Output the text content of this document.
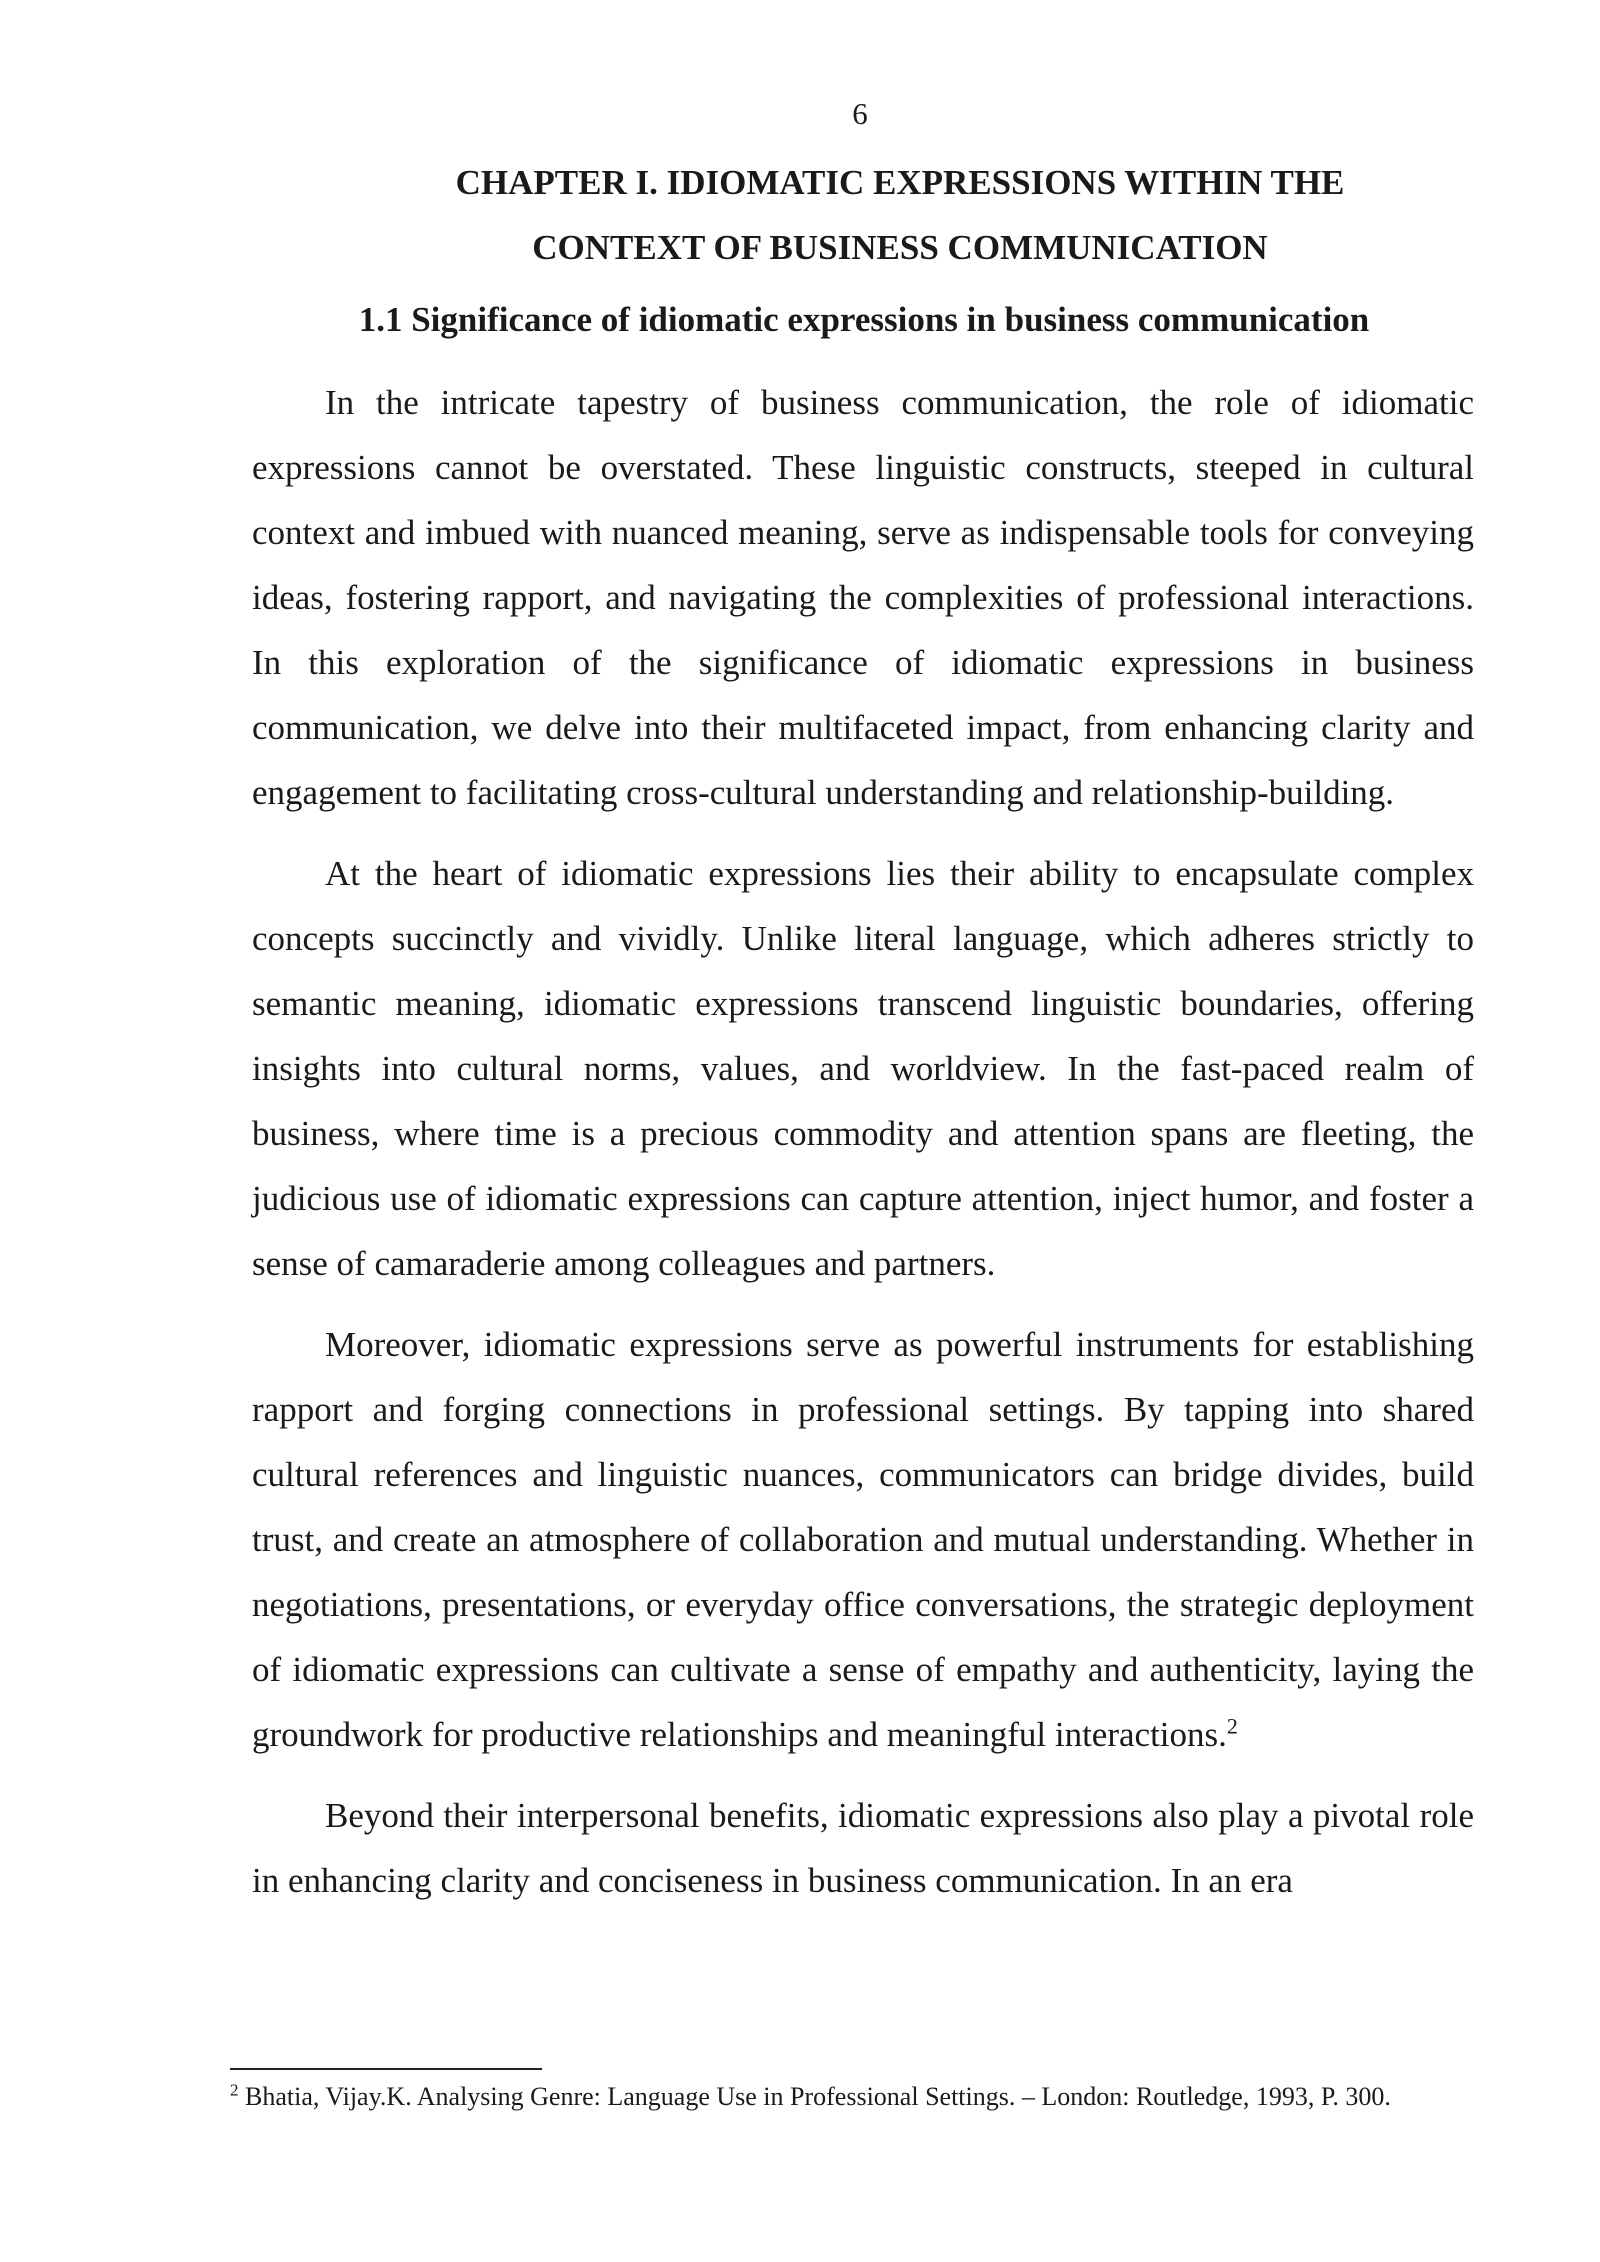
6
CHAPTER I. IDIOMATIC EXPRESSIONS WITHIN THE
CONTEXT OF BUSINESS COMMUNICATION
1.1 Significance of idiomatic expressions in business communication

In the intricate tapestry of business communication, the role of idiomatic expressions cannot be overstated. These linguistic constructs, steeped in cultural context and imbued with nuanced meaning, serve as indispensable tools for conveying ideas, fostering rapport, and navigating the complexities of professional interactions. In this exploration of the significance of idiomatic expressions in business communication, we delve into their multifaceted impact, from enhancing clarity and engagement to facilitating cross-cultural understanding and relationship-building.

At the heart of idiomatic expressions lies their ability to encapsulate complex concepts succinctly and vividly. Unlike literal language, which adheres strictly to semantic meaning, idiomatic expressions transcend linguistic boundaries, offering insights into cultural norms, values, and worldview. In the fast-paced realm of business, where time is a precious commodity and attention spans are fleeting, the judicious use of idiomatic expressions can capture attention, inject humor, and foster a sense of camaraderie among colleagues and partners.

Moreover, idiomatic expressions serve as powerful instruments for establishing rapport and forging connections in professional settings. By tapping into shared cultural references and linguistic nuances, communicators can bridge divides, build trust, and create an atmosphere of collaboration and mutual understanding. Whether in negotiations, presentations, or everyday office conversations, the strategic deployment of idiomatic expressions can cultivate a sense of empathy and authenticity, laying the groundwork for productive relationships and meaningful interactions.$^2$

Beyond their interpersonal benefits, idiomatic expressions also play a pivotal role in enhancing clarity and conciseness in business communication. In an era

$^2$ Bhatia, Vijay.K. Analysing Genre: Language Use in Professional Settings. – London: Routledge, 1993, P. 300.
